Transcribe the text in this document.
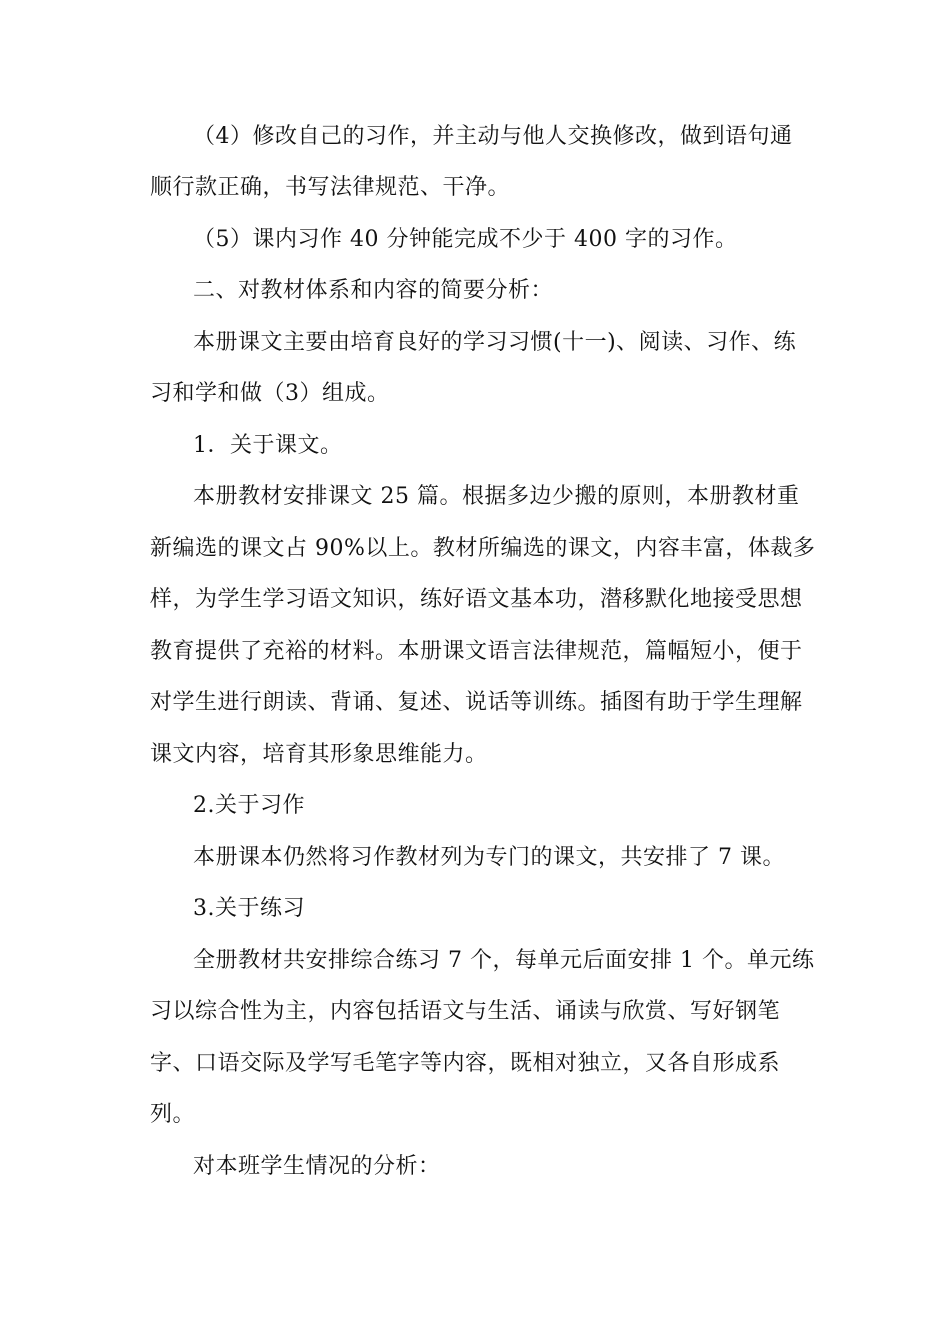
（4）修改自己的习作，并主动与他人交换修改，做到语句通
顺行款正确，书写法律规范、干净。
（5）课内习作 40 分钟能完成不少于 400 字的习作。
二、对教材体系和内容的简要分析：
本册课文主要由培育良好的学习习惯(十一)、阅读、习作、练
习和学和做（3）组成。
1．关于课文。
本册教材安排课文 25 篇。根据多边少搬的原则，本册教材重
新编选的课文占 90%以上。教材所编选的课文，内容丰富，体裁多
样，为学生学习语文知识，练好语文基本功，潜移默化地接受思想
教育提供了充裕的材料。本册课文语言法律规范，篇幅短小，便于
对学生进行朗读、背诵、复述、说话等训练。插图有助于学生理解
课文内容，培育其形象思维能力。
2.关于习作
本册课本仍然将习作教材列为专门的课文，共安排了 7 课。
3.关于练习
全册教材共安排综合练习 7 个，每单元后面安排 1 个。单元练
习以综合性为主，内容包括语文与生活、诵读与欣赏、写好钢笔
字、口语交际及学写毛笔字等内容，既相对独立，又各自形成系
列。
对本班学生情况的分析：
